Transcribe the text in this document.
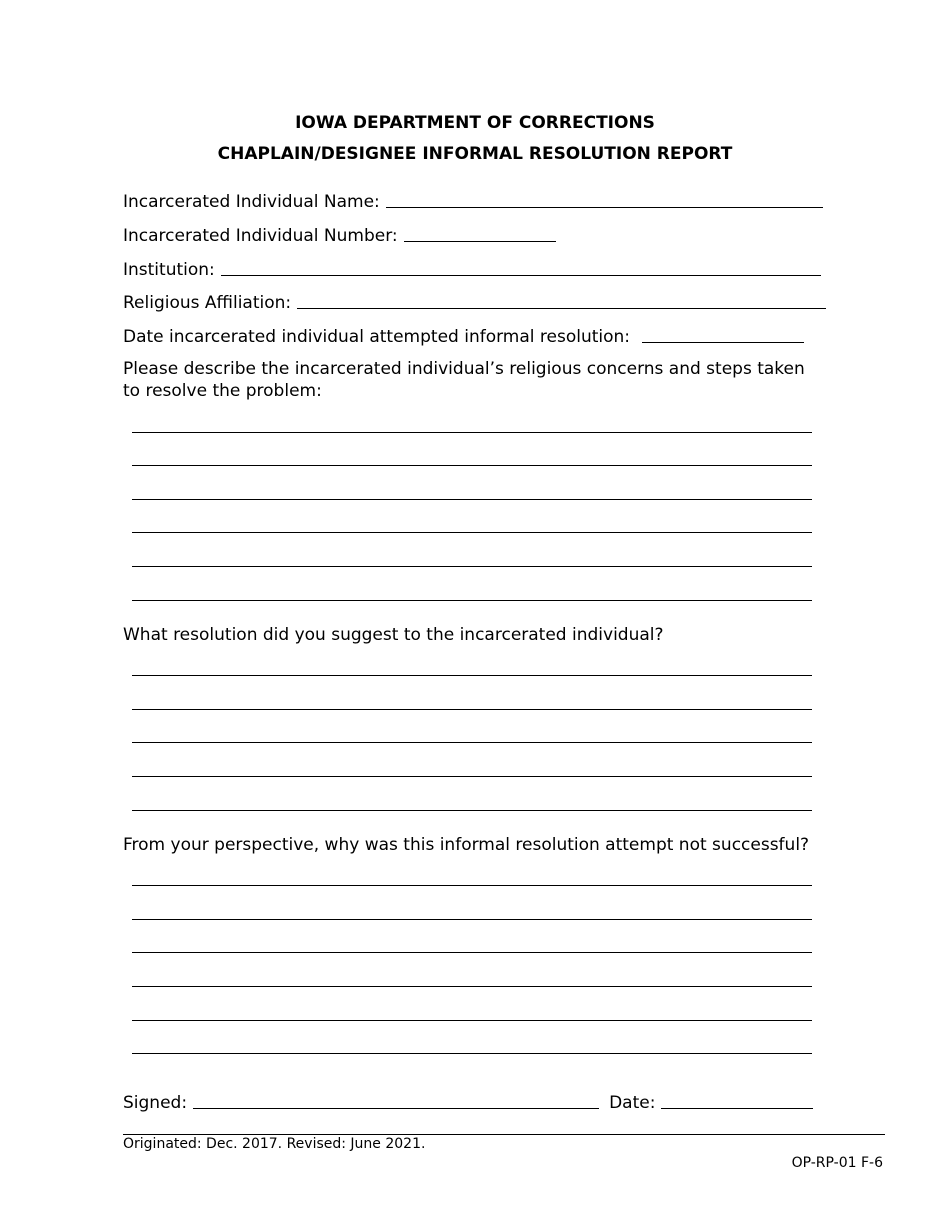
IOWA DEPARTMENT OF CORRECTIONS
CHAPLAIN/DESIGNEE INFORMAL RESOLUTION REPORT
Incarcerated Individual Name:
Incarcerated Individual Number:
Institution:
Religious Affiliation:
Date incarcerated individual attempted informal resolution:
Please describe the incarcerated individual’s religious concerns and steps taken to resolve the problem:
What resolution did you suggest to the incarcerated individual?
From your perspective, why was this informal resolution attempt not successful?
Signed:	Date:
Originated: Dec. 2017. Revised: June 2021.
OP-RP-01 F-6
